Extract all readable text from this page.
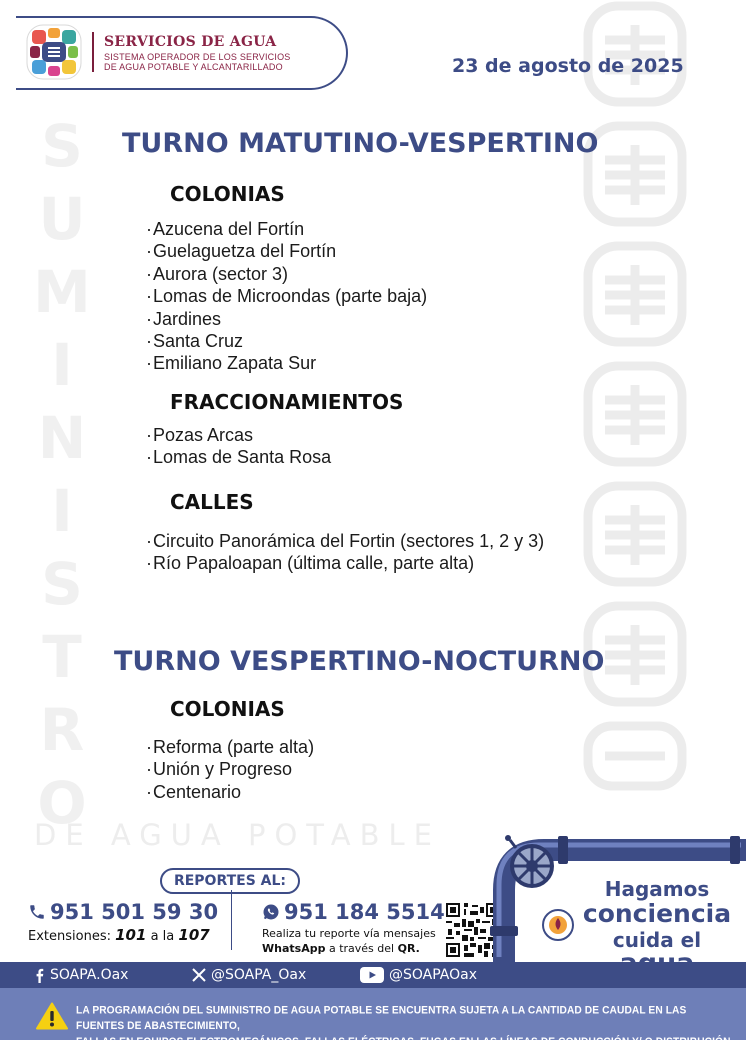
S
U
M
I
N
I
S
T
R
O
DE AGUA POTABLE
SERVICIOS DE AGUA
SISTEMA OPERADOR DE LOS SERVICIOS
DE AGUA POTABLE Y ALCANTARILLADO	23 de agosto de 2025
TURNO MATUTINO-VESPERTINO
COLONIAS
· Azucena del Fortín
· Guelaguetza del Fortín
· Aurora (sector 3)
· Lomas de Microondas (parte baja)
· Jardines
· Santa Cruz
· Emiliano Zapata Sur
FRACCIONAMIENTOS
· Pozas Arcas
· Lomas de Santa Rosa
CALLES
· Circuito Panorámica del Fortin (sectores 1, 2 y 3)
· Río Papaloapan (última calle, parte alta)
TURNO VESPERTINO-NOCTURNO
COLONIAS
· Reforma (parte alta)
· Unión y Progreso
· Centenario
REPORTES AL:
951 501 59 30
Extensiones: 101 a la 107
951 184 5514
Realiza tu reporte vía mensajes
WhatsApp a través del QR.
Hagamos
conciencia
cuida el
SOAPA.Oax	@SOAPA_Oax	@SOAPAOax
LA PROGRAMACIÓN DEL SUMINISTRO DE AGUA POTABLE SE ENCUENTRA SUJETA A LA CANTIDAD DE CAUDAL EN LAS FUENTES DE ABASTECIMIENTO,
FALLAS EN EQUIPOS ELECTROMECÁNICOS, FALLAS ELÉCTRICAS, FUGAS EN LAS LÍNEAS DE CONDUCCIÓN Y/ O DISTRIBUCIÓN.
